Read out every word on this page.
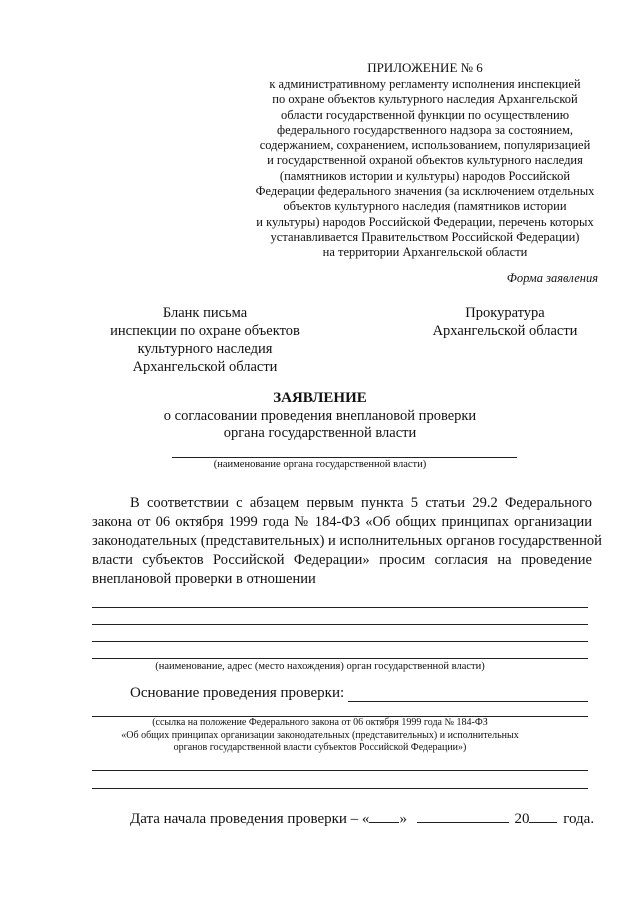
ПРИЛОЖЕНИЕ № 6
к административному регламенту исполнения инспекцией
по охране объектов культурного наследия Архангельской
области государственной функции по осуществлению
федерального государственного надзора за состоянием,
содержанием, сохранением, использованием, популяризацией
и государственной охраной объектов культурного наследия
(памятников истории и культуры) народов Российской
Федерации федерального значения (за исключением отдельных
объектов культурного наследия (памятников истории
и культуры) народов Российской Федерации, перечень которых
устанавливается Правительством Российской Федерации)
на территории Архангельской области
Форма заявления
Бланк письма
инспекции по охране объектов
культурного наследия
Архангельской области
Прокуратура
Архангельской области
ЗАЯВЛЕНИЕ
о согласовании проведения внеплановой проверки
органа государственной власти
(наименование органа государственной власти)
В соответствии с абзацем первым пункта 5 статьи 29.2 Федерального
закона от 06 октября 1999 года № 184-ФЗ «Об общих принципах организации
законодательных (представительных) и исполнительных органов государственной
власти субъектов Российской Федерации» просим согласия на проведение
внеплановой проверки в отношении
(наименование, адрес (место нахождения) орган государственной власти)
Основание проведения проверки:
(ссылка на положение Федерального закона от 06 октября 1999 года № 184-ФЗ
«Об общих принципах организации законодательных (представительных) и исполнительных
органов государственной власти субъектов Российской Федерации»)
Дата начала проведения проверки – « »	20 года.
